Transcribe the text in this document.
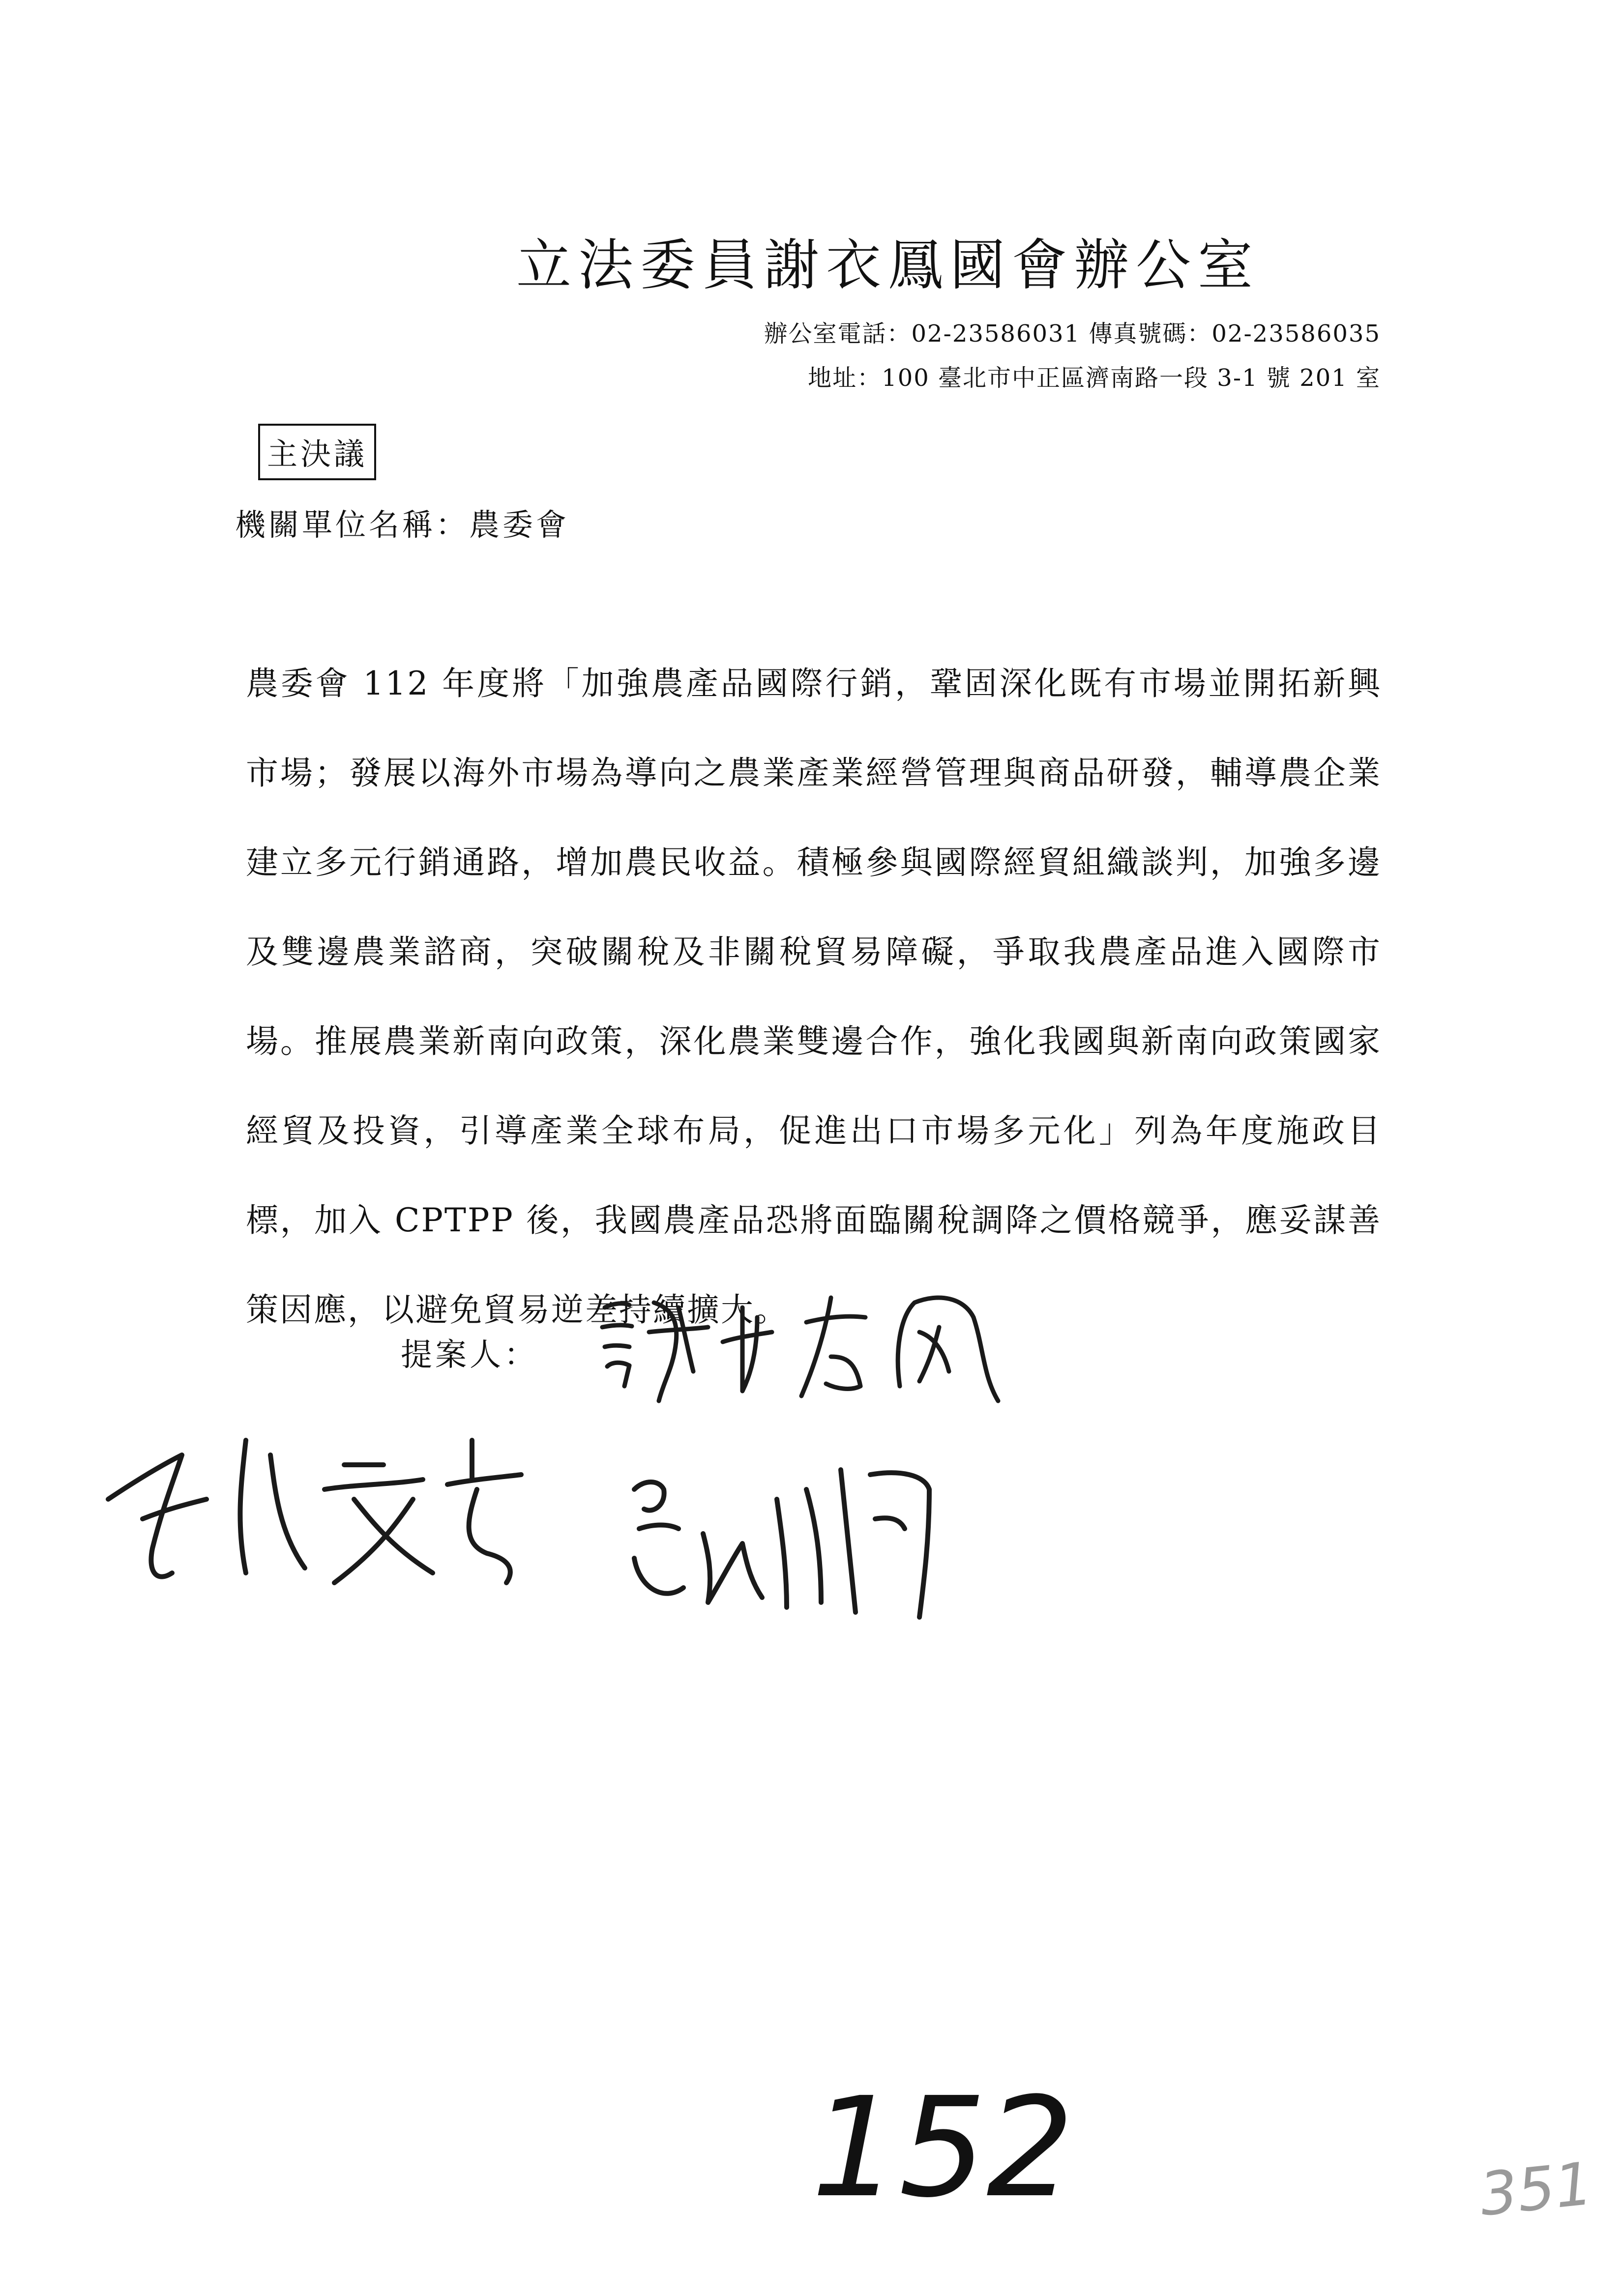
立法委員謝衣鳳國會辦公室
辦公室電話：02-23586031 傳真號碼：02-23586035
地址：100 臺北市中正區濟南路一段 3-1 號 201 室
主決議
機關單位名稱：農委會
農委會 112 年度將「加強農產品國際行銷，鞏固深化既有市場並開拓新興市場；發展以海外市場為導向之農業產業經營管理與商品研發，輔導農企業建立多元行銷通路，增加農民收益。積極參與國際經貿組織談判，加強多邊及雙邊農業諮商，突破關稅及非關稅貿易障礙，爭取我農產品進入國際市場。推展農業新南向政策，深化農業雙邊合作，強化我國與新南向政策國家經貿及投資，引導產業全球布局，促進出口市場多元化」列為年度施政目標，加入 CPTPP 後，我國農產品恐將面臨關稅調降之價格競爭，應妥謀善策因應，以避免貿易逆差持續擴大。
提案人：
152	351
